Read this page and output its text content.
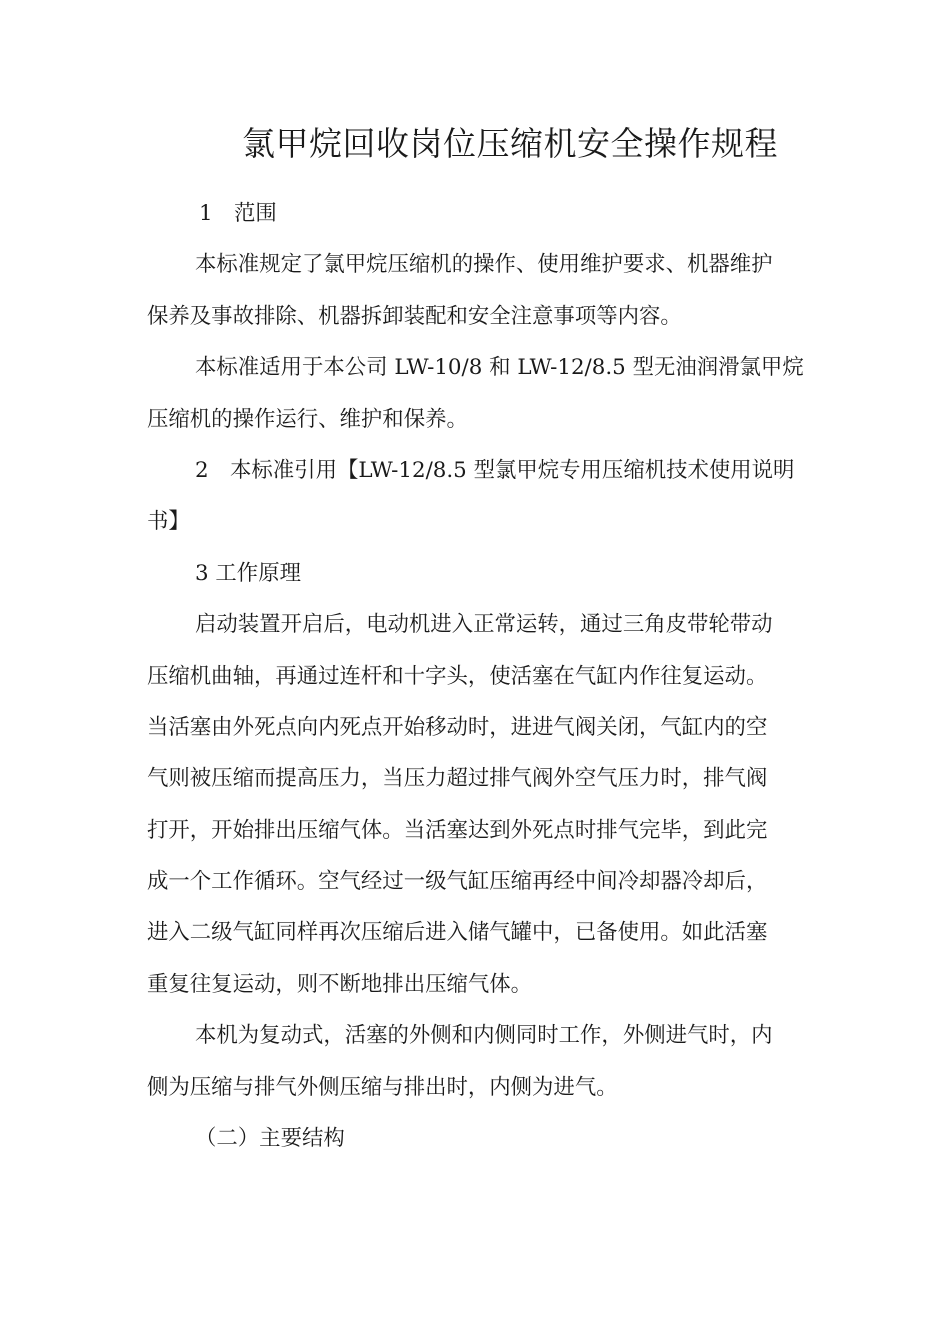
氯甲烷回收岗位压缩机安全操作规程
1　范围
本标准规定了氯甲烷压缩机的操作、使用维护要求、机器维护
保养及事故排除、机器拆卸装配和安全注意事项等内容。
本标准适用于本公司 LW-10/8 和 LW-12/8.5 型无油润滑氯甲烷
压缩机的操作运行、维护和保养。
2　本标准引用【LW-12/8.5 型氯甲烷专用压缩机技术使用说明
书】
3 工作原理
启动装置开启后，电动机进入正常运转，通过三角皮带轮带动
压缩机曲轴，再通过连杆和十字头，使活塞在气缸内作往复运动。
当活塞由外死点向内死点开始移动时，进进气阀关闭，气缸内的空
气则被压缩而提高压力，当压力超过排气阀外空气压力时，排气阀
打开，开始排出压缩气体。当活塞达到外死点时排气完毕，到此完
成一个工作循环。空气经过一级气缸压缩再经中间冷却器冷却后，
进入二级气缸同样再次压缩后进入储气罐中，已备使用。如此活塞
重复往复运动，则不断地排出压缩气体。
本机为复动式，活塞的外侧和内侧同时工作，外侧进气时，内
侧为压缩与排气外侧压缩与排出时，内侧为进气。
（二）主要结构
